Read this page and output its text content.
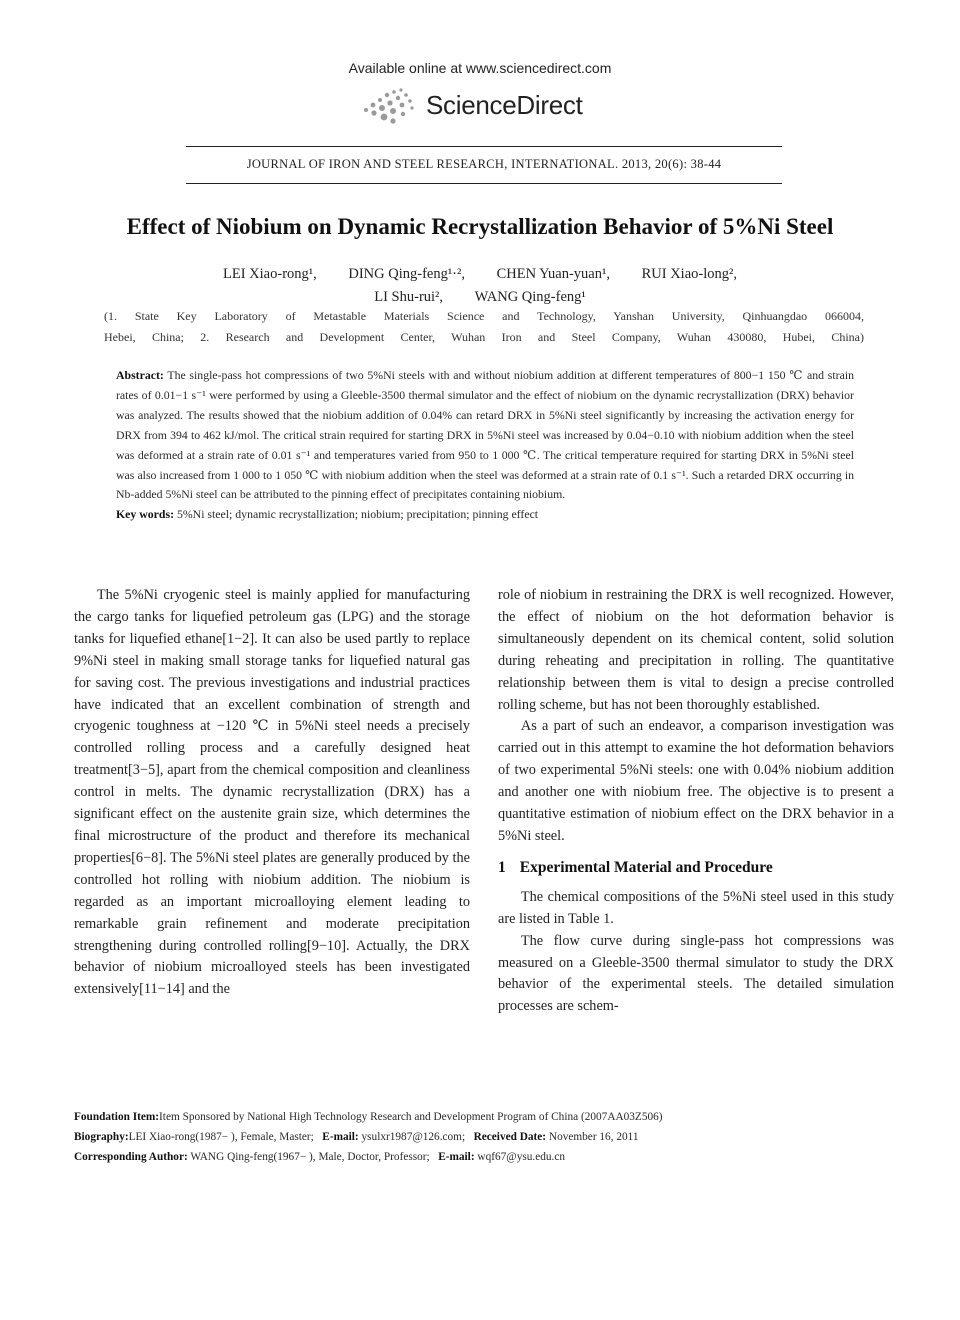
Available online at www.sciencedirect.com
ScienceDirect
JOURNAL OF IRON AND STEEL RESEARCH, INTERNATIONAL. 2013, 20(6): 38-44
Effect of Niobium on Dynamic Recrystallization Behavior of 5%Ni Steel
LEI Xiao-rong¹, DING Qing-feng¹·², CHEN Yuan-yuan¹, RUI Xiao-long²,
LI Shu-rui², WANG Qing-feng¹
(1. State Key Laboratory of Metastable Materials Science and Technology, Yanshan University, Qinhuangdao 066004,
Hebei, China; 2. Research and Development Center, Wuhan Iron and Steel Company, Wuhan 430080, Hubei, China)
Abstract: The single-pass hot compressions of two 5%Ni steels with and without niobium addition at different temperatures of 800−1 150 ℃ and strain rates of 0.01−1 s⁻¹ were performed by using a Gleeble-3500 thermal simulator and the effect of niobium on the dynamic recrystallization (DRX) behavior was analyzed. The results showed that the niobium addition of 0.04% can retard DRX in 5%Ni steel significantly by increasing the activation energy for DRX from 394 to 462 kJ/mol. The critical strain required for starting DRX in 5%Ni steel was increased by 0.04−0.10 with niobium addition when the steel was deformed at a strain rate of 0.01 s⁻¹ and temperatures varied from 950 to 1 000 ℃. The critical temperature required for starting DRX in 5%Ni steel was also increased from 1 000 to 1 050 ℃ with niobium addition when the steel was deformed at a strain rate of 0.1 s⁻¹. Such a retarded DRX occurring in Nb-added 5%Ni steel can be attributed to the pinning effect of precipitates containing niobium.
Key words: 5%Ni steel; dynamic recrystallization; niobium; precipitation; pinning effect

The 5%Ni cryogenic steel is mainly applied for manufacturing the cargo tanks for liquefied petroleum gas (LPG) and the storage tanks for liquefied ethane[1−2]. It can also be used partly to replace 9%Ni steel in making small storage tanks for liquefied natural gas for saving cost. The previous investigations and industrial practices have indicated that an excellent combination of strength and cryogenic toughness at −120 ℃ in 5%Ni steel needs a precisely controlled rolling process and a carefully designed heat treatment[3−5], apart from the chemical composition and cleanliness control in melts. The dynamic recrystallization (DRX) has a significant effect on the austenite grain size, which determines the final microstructure of the product and therefore its mechanical properties[6−8]. The 5%Ni steel plates are generally produced by the controlled hot rolling with niobium addition. The niobium is regarded as an important microalloying element leading to remarkable grain refinement and moderate precipitation strengthening during controlled rolling[9−10]. Actually, the DRX behavior of niobium microalloyed steels has been investigated extensively[11−14] and the

role of niobium in restraining the DRX is well recognized. However, the effect of niobium on the hot deformation behavior is simultaneously dependent on its chemical content, solid solution during reheating and precipitation in rolling. The quantitative relationship between them is vital to design a precise controlled rolling scheme, but has not been thoroughly established.

As a part of such an endeavor, a comparison investigation was carried out in this attempt to examine the hot deformation behaviors of two experimental 5%Ni steels: one with 0.04% niobium addition and another one with niobium free. The objective is to present a quantitative estimation of niobium effect on the DRX behavior in a 5%Ni steel.

1 Experimental Material and Procedure

The chemical compositions of the 5%Ni steel used in this study are listed in Table 1.

The flow curve during single-pass hot compressions was measured on a Gleeble-3500 thermal simulator to study the DRX behavior of the experimental steels. The detailed simulation processes are schem-

Foundation Item:Item Sponsored by National High Technology Research and Development Program of China (2007AA03Z506)
Biography:LEI Xiao-rong(1987− ), Female, Master; E-mail: ysulxr1987@126.com; Received Date: November 16, 2011
Corresponding Author: WANG Qing-feng(1967− ), Male, Doctor, Professor; E-mail: wqf67@ysu.edu.cn
